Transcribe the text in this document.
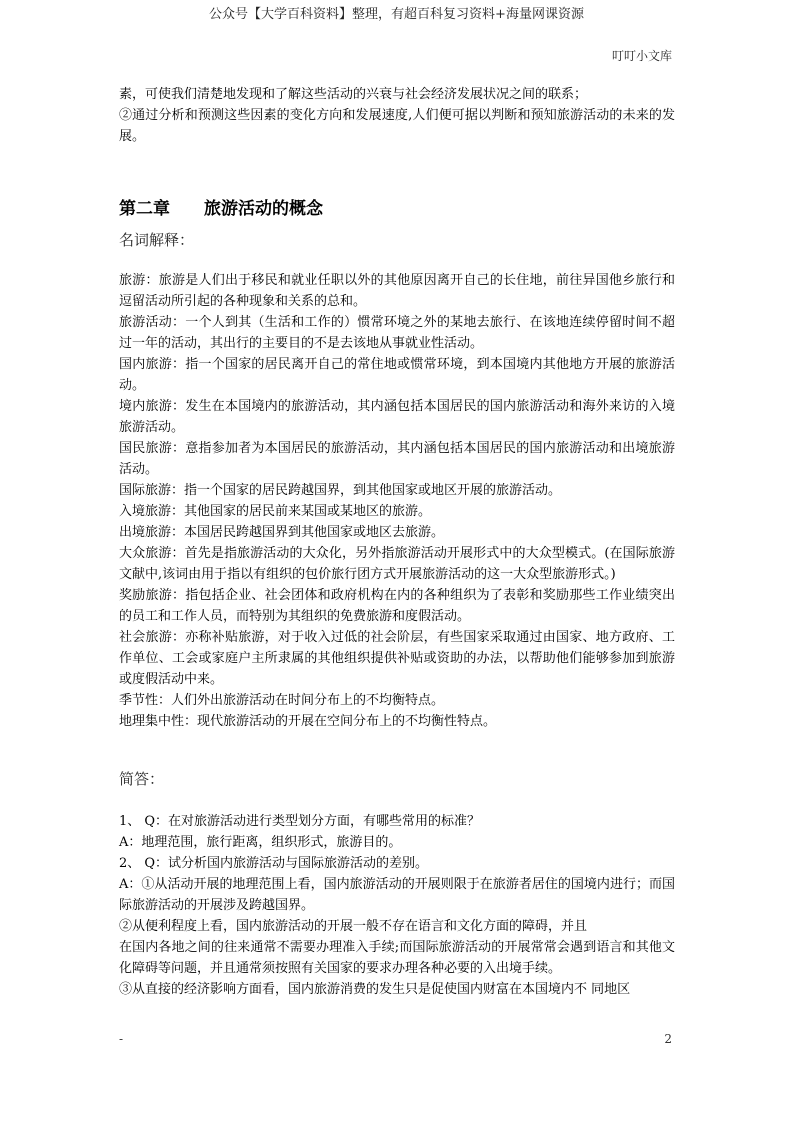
公众号【大学百科资料】整理，有超百科复习资料+海量网课资源
叮叮小文库

素，可使我们清楚地发现和了解这些活动的兴衰与社会经济发展状况之间的联系；

②通过分析和预测这些因素的变化方向和发展速度,人们便可据以判断和预知旅游活动的未来的发展。

第二章 旅游活动的概念
名词解释：

旅游：旅游是人们出于移民和就业任职以外的其他原因离开自己的长住地，前往异国他乡旅行和逗留活动所引起的各种现象和关系的总和。

旅游活动：一个人到其（生活和工作的）惯常环境之外的某地去旅行、在该地连续停留时间不超过一年的活动，其出行的主要目的不是去该地从事就业性活动。

国内旅游：指一个国家的居民离开自己的常住地或惯常环境，到本国境内其他地方开展的旅游活动。

境内旅游：发生在本国境内的旅游活动，其内涵包括本国居民的国内旅游活动和海外来访的入境旅游活动。

国民旅游：意指参加者为本国居民的旅游活动，其内涵包括本国居民的国内旅游活动和出境旅游活动。

国际旅游：指一个国家的居民跨越国界，到其他国家或地区开展的旅游活动。

入境旅游：其他国家的居民前来某国或某地区的旅游。

出境旅游：本国居民跨越国界到其他国家或地区去旅游。

大众旅游：首先是指旅游活动的大众化，另外指旅游活动开展形式中的大众型模式。(在国际旅游文献中,该词由用于指以有组织的包价旅行团方式开展旅游活动的这一大众型旅游形式。)

奖励旅游：指包括企业、社会团体和政府机构在内的各种组织为了表彰和奖励那些工作业绩突出的员工和工作人员，而特别为其组织的免费旅游和度假活动。

社会旅游：亦称补贴旅游，对于收入过低的社会阶层，有些国家采取通过由国家、地方政府、工作单位、工会或家庭户主所隶属的其他组织提供补贴或资助的办法，以帮助他们能够参加到旅游或度假活动中来。

季节性：人们外出旅游活动在时间分布上的不均衡特点。

地理集中性：现代旅游活动的开展在空间分布上的不均衡性特点。

简答：

1、 Q：在对旅游活动进行类型划分方面，有哪些常用的标准？

A：地理范围，旅行距离，组织形式，旅游目的。

2、 Q：试分析国内旅游活动与国际旅游活动的差别。

A：①从活动开展的地理范围上看，国内旅游活动的开展则限于在旅游者居住的国境内进行；而国际旅游活动的开展涉及跨越国界。

②从便利程度上看，国内旅游活动的开展一般不存在语言和文化方面的障碍，并且

在国内各地之间的往来通常不需要办理准入手续;而国际旅游活动的开展常常会遇到语言和其他文化障碍等问题，并且通常须按照有关国家的要求办理各种必要的入出境手续。

③从直接的经济影响方面看，国内旅游消费的发生只是促使国内财富在本国境内不 同地区

-	2
